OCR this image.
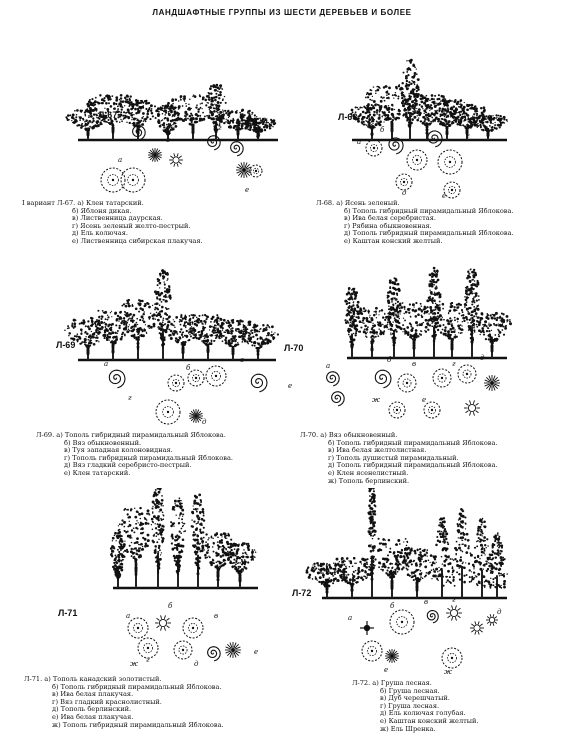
ЛАНДШАФТНЫЕ ГРУППЫ ИЗ ШЕСТИ ДЕРЕВЬЕВ И БОЛЕЕ
Л-67
а
б
в
г
д
е
I вариант Л-67. а) Клен татарский.
б) Яблоня дикая.
в) Лиственница даурская.
г) Ясень зеленый желто-пестрый.
д) Ель колючая.
е) Лиственница сибирская плакучая.
Л-68
а
б
в
г
д	е
Л-68. а) Ясень зеленый.
б) Тополь гибридный пирамидальный Яблокова.
в) Ива белая серебристая.
г) Рябина обыкновенная.
д) Тополь гибридный пирамидальный Яблокова.
е) Каштан конский желтый.
Л-69
а	б
в
г
д
е
Л-69. а) Тополь гибридный пирамидальный Яблокова.
б) Вяз обыкновенный.
в) Туя западная колоновидная.
г) Тополь гибридный пирамидальный Яблокова.
д) Вяз гладкий серебристо-пестрый.
е) Клен татарский.
Л-70
а
б	в	г
д
е
ж
Л-70. а) Вяз обыкновенный.
б) Тополь гибридный пирамидальный Яблокова.
в) Ива белая желтолистная.
г) Тополь душистый пирамидальный.
д) Тополь гибридный пирамидальный Яблокова.
е) Клен ясенелистный.
ж) Тополь берлинский.
Л-71	а
б
в
г	д
е
ж
Л-71. а) Тополь канадский золотистый.
б) Тополь гибридный пирамидальный Яблокова.
в) Ива белая плакучая.
г) Вяз гладкий краснолистный.
д) Тополь берлинский.
е) Ива белая плакучая.
ж) Тополь гибридный пирамидальный Яблокова.
Л-72
а
б	в	г
д
е	ж
Л-72. а) Груша лесная.
б) Груша лесная.
в) Дуб черешчатый.
г) Груша лесная.
д) Ель колючая голубая.
е) Каштан конский желтый.
ж) Ель Шренка.
